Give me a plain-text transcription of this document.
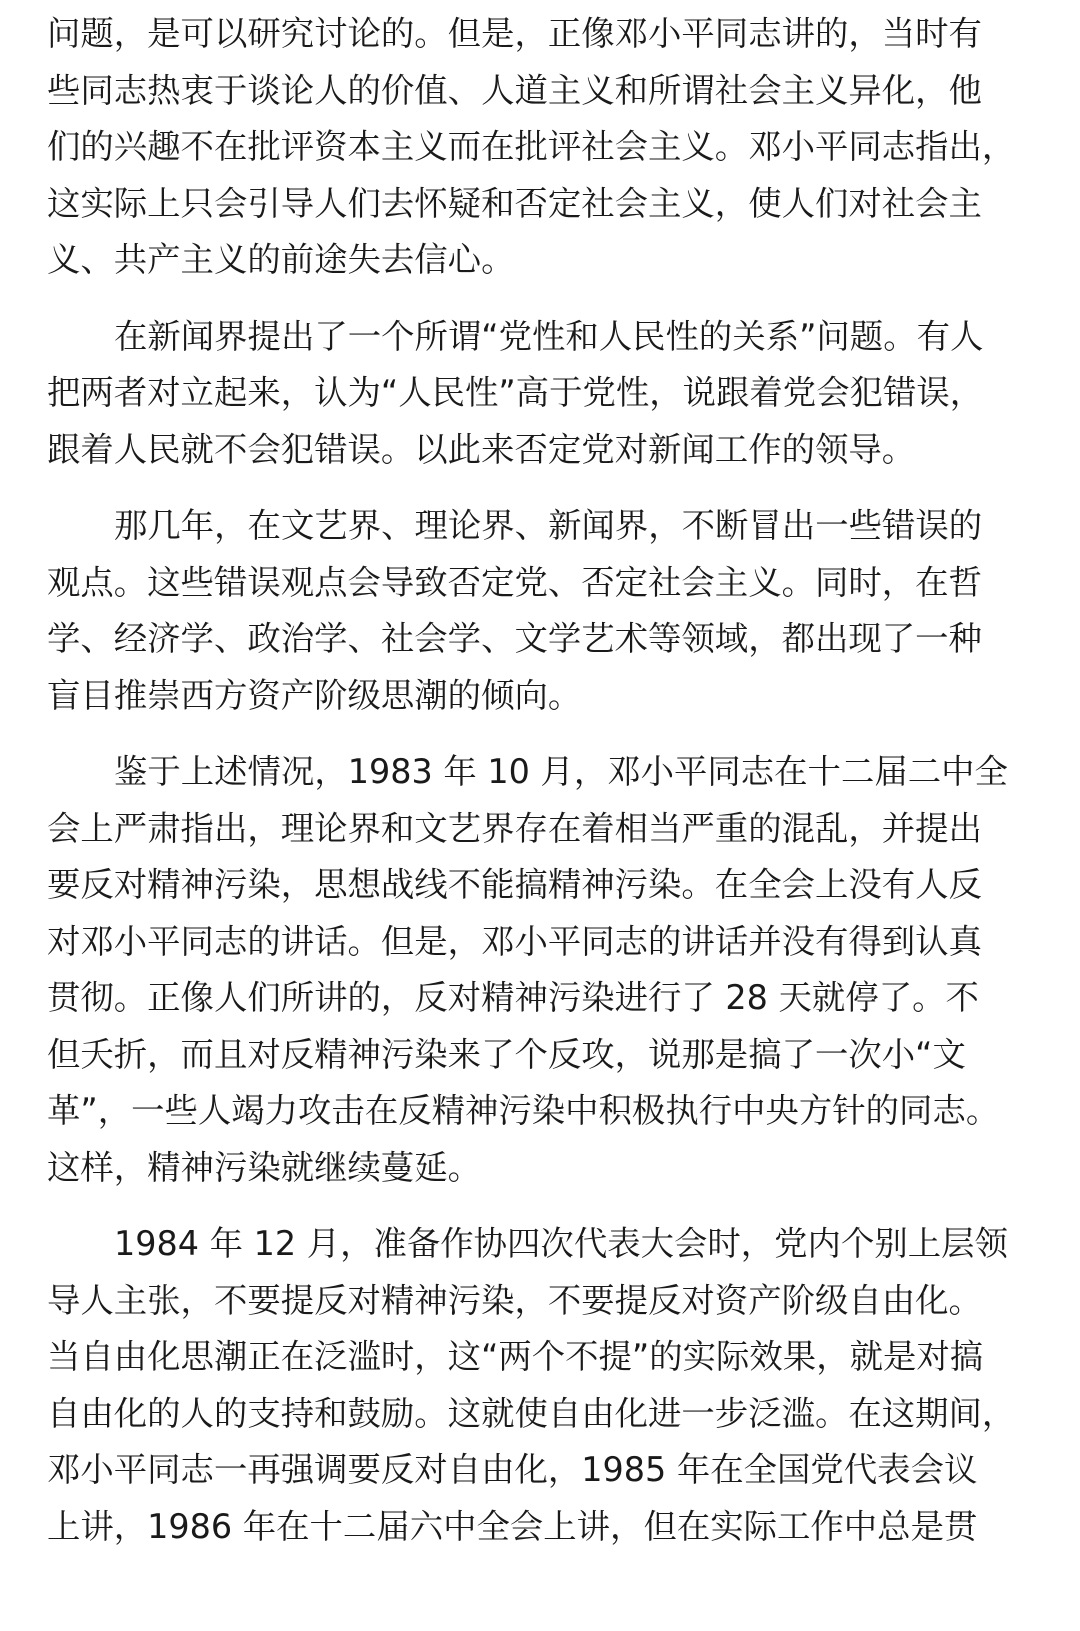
问题，是可以研究讨论的。但是，正像邓小平同志讲的，当时有
些同志热衷于谈论人的价值、人道主义和所谓社会主义异化，他
们的兴趣不在批评资本主义而在批评社会主义。邓小平同志指出，
这实际上只会引导人们去怀疑和否定社会主义，使人们对社会主
义、共产主义的前途失去信心。
在新闻界提出了一个所谓“党性和人民性的关系”问题。有人
把两者对立起来，认为“人民性”高于党性，说跟着党会犯错误，
跟着人民就不会犯错误。以此来否定党对新闻工作的领导。
那几年，在文艺界、理论界、新闻界，不断冒出一些错误的
观点。这些错误观点会导致否定党、否定社会主义。同时，在哲
学、经济学、政治学、社会学、文学艺术等领域，都出现了一种
盲目推崇西方资产阶级思潮的倾向。
鉴于上述情况，1983 年 10 月，邓小平同志在十二届二中全
会上严肃指出，理论界和文艺界存在着相当严重的混乱，并提出
要反对精神污染，思想战线不能搞精神污染。在全会上没有人反
对邓小平同志的讲话。但是，邓小平同志的讲话并没有得到认真
贯彻。正像人们所讲的，反对精神污染进行了 28 天就停了。不
但夭折，而且对反精神污染来了个反攻，说那是搞了一次小“文
革”，一些人竭力攻击在反精神污染中积极执行中央方针的同志。
这样，精神污染就继续蔓延。
1984 年 12 月，准备作协四次代表大会时，党内个别上层领
导人主张，不要提反对精神污染，不要提反对资产阶级自由化。
当自由化思潮正在泛滥时，这“两个不提”的实际效果，就是对搞
自由化的人的支持和鼓励。这就使自由化进一步泛滥。在这期间，
邓小平同志一再强调要反对自由化，1985 年在全国党代表会议
上讲，1986 年在十二届六中全会上讲，但在实际工作中总是贯
